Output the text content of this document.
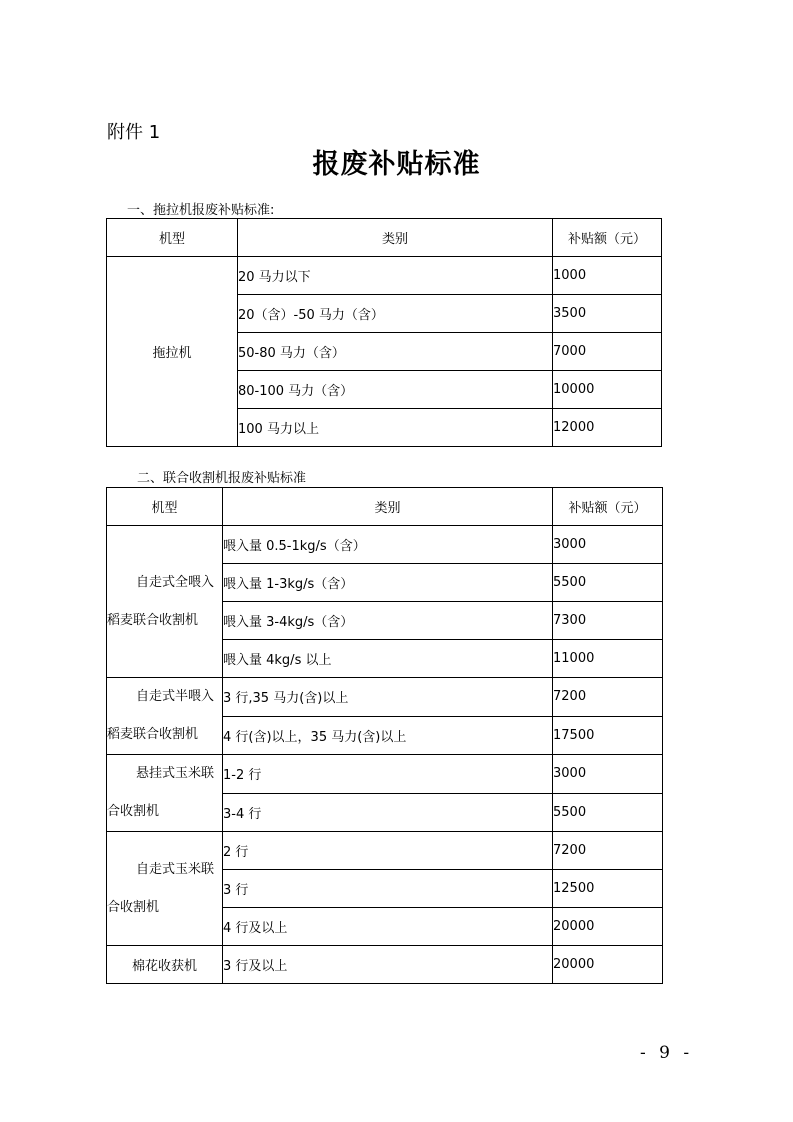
附件 1
报废补贴标准
一、拖拉机报废补贴标准:
机型	类别	补贴额（元）
拖拉机	20 马力以下	1000
	20（含）-50 马力（含）	3500
	50-80 马力（含）	7000
	80-100 马力（含）	10000
	100 马力以上	12000
二、联合收割机报废补贴标准
机型	类别	补贴额（元）

自走式全喂入
稻麦联合收割机	喂入量 0.5-1kg/s（含）	3000
	喂入量 1-3kg/s（含）	5500
	喂入量 3-4kg/s（含）	7300
	喂入量 4kg/s 以上	11000

自走式半喂入
稻麦联合收割机	3 行,35 马力(含)以上	7200
	4 行(含)以上，35 马力(含)以上	17500

悬挂式玉米联
合收割机	1-2 行	3000
	3-4 行	5500

自走式玉米联
合收割机	2 行	7200
	3 行	12500
	4 行及以上	20000
棉花收获机	3 行及以上	20000
- 9 -
